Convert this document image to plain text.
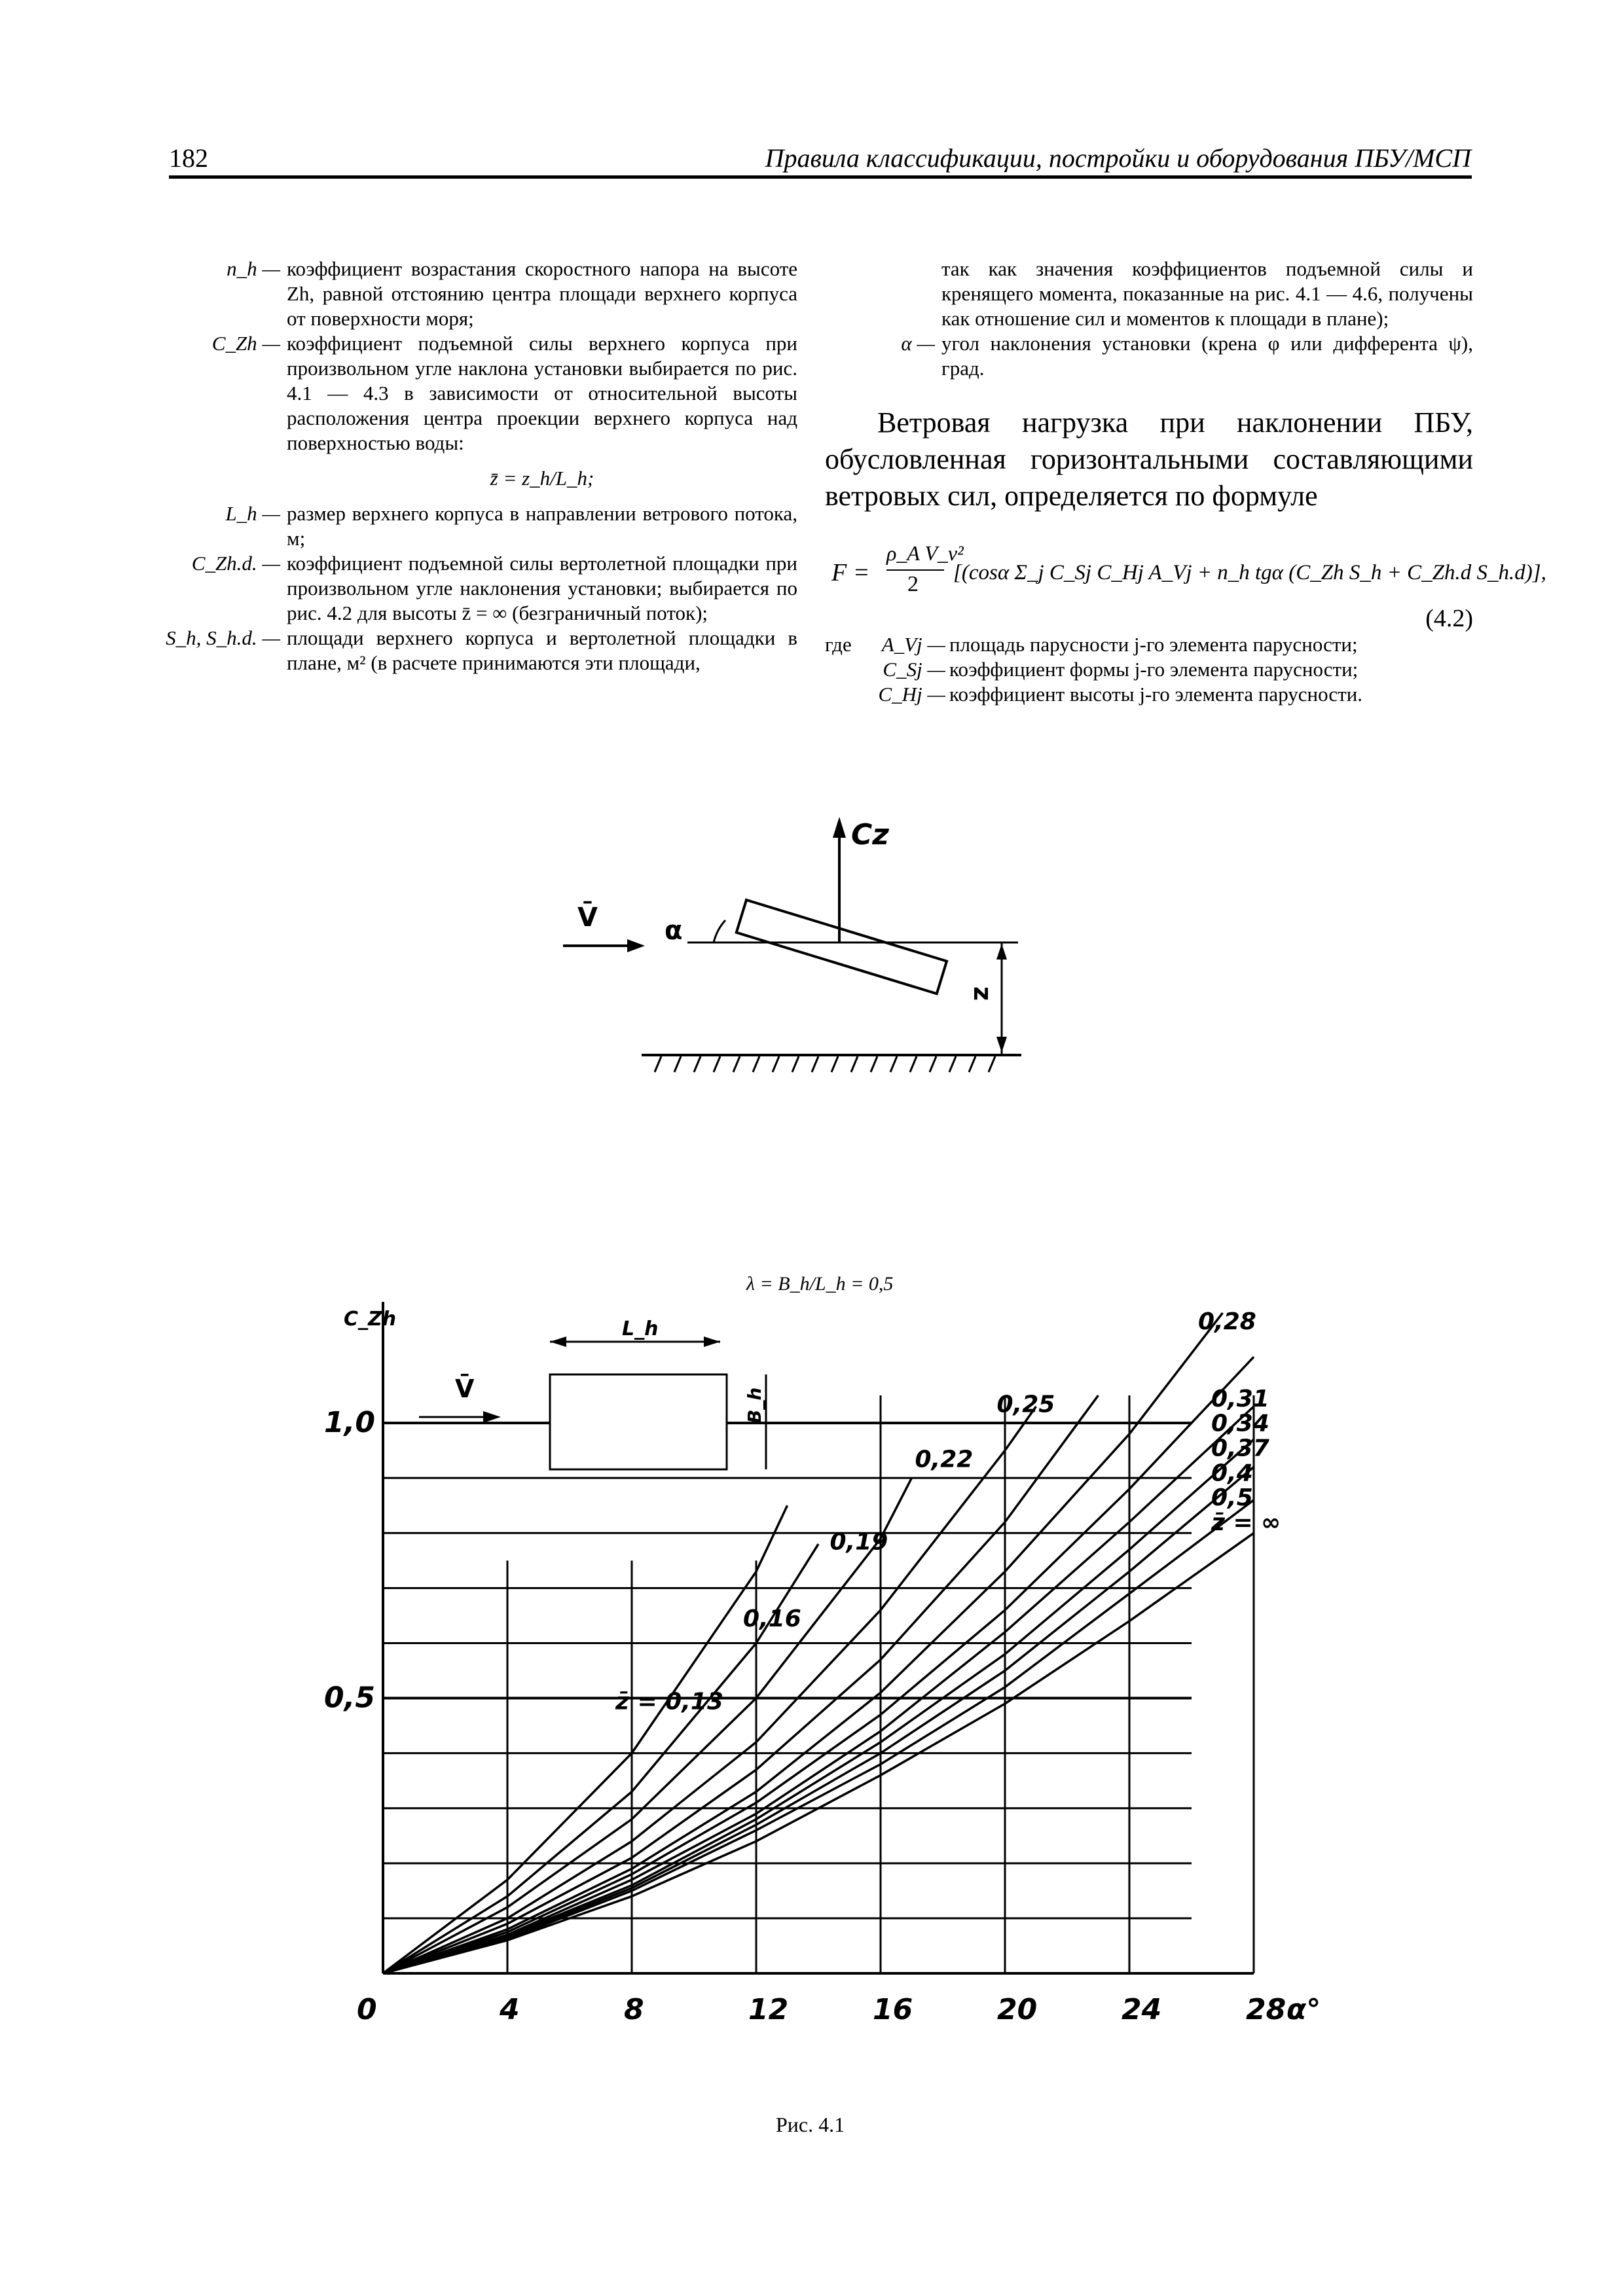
182	Правила классификации, постройки и оборудования ПБУ/МСП
n_h — коэффициент возрастания скоростного напора на высоте Zh, равной отстоянию центра площади верхнего корпуса от поверхности моря;
C_Zh — коэффициент подъемной силы верхнего корпуса при произвольном угле наклона установки выбирается по рис. 4.1 — 4.3 в зависимости от относительной высоты расположения центра проекции верхнего корпуса над поверхностью воды:
z̄ = z_h/L_h;
L_h — размер верхнего корпуса в направлении ветрового потока, м;
C_Zh.d. — коэффициент подъемной силы вертолетной площадки при произвольном угле наклонения установки; выбирается по рис. 4.2 для высоты z̄ = ∞ (безграничный поток);
S_h, S_h.d. — площади верхнего корпуса и вертолетной площадки в плане, м² (в расчете принимаются эти площади,
так как значения коэффициентов подъемной силы и кренящего момента, показанные на рис. 4.1 — 4.6, получены как отношение сил и моментов к площади в плане);
α — угол наклонения установки (крена φ или дифферента ψ), град.
Ветровая нагрузка при наклонении ПБУ, обусловленная горизонтальными составляющими ветровых сил, определяется по формуле
F =
ρ_A V_v²
2 [(cosα Σ_j C_Sj C_Hj A_Vj + n_h tgα (C_Zh S_h + C_Zh.d S_h.d)],
(4.2)
где	A_Vj — площадь парусности j-го элемента парусности;
C_Sj — коэффициент формы j-го элемента парусности;
C_Hj — коэффициент высоты j-го элемента парусности.
Cz
V̄	α
z
λ = B_h/L_h = 0,5
0	4	8	12	16	20	24	28
0,5
1,0
α°
C_Zh	L_h
B_h
V̄
z̄ = 0,13
0,16
0,19
0,22
0,25
0,28
0,31
0,34
0,37
0,4
0,5
z̄ = ∞
Рис. 4.1
